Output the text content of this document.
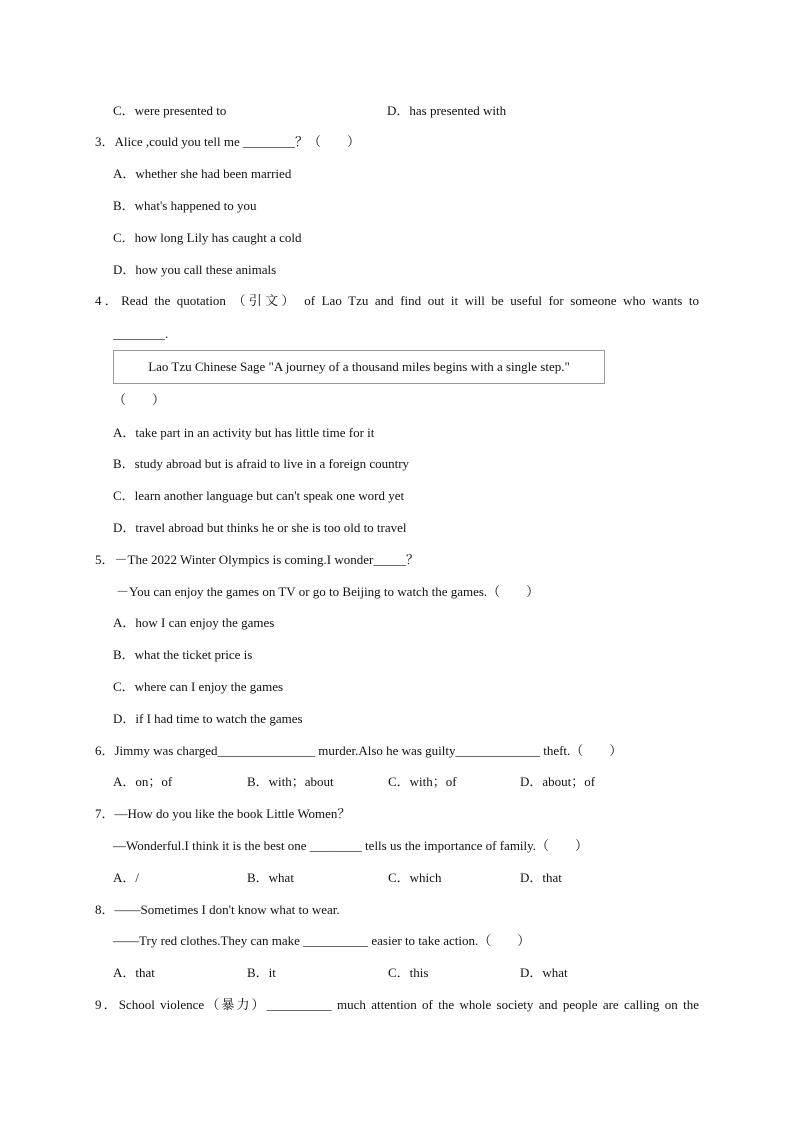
C．were presented to	D．has presented with
3．Alice ,could you tell me ________？（　　）
A．whether she had been married
B．what's happened to you
C．how long Lily has caught a cold
D．how you call these animals
4．Read the quotation （引文） of Lao Tzu and find out it will be useful for someone who wants to
________.
Lao Tzu Chinese Sage "A journey of a thousand miles begins with a single step."
（　　）
A．take part in an activity but has little time for it
B．study abroad but is afraid to live in a foreign country
C．learn another language but can't speak one word yet
D．travel abroad but thinks he or she is too old to travel
5．－The 2022 Winter Olympics is coming.I wonder_____？
－You can enjoy the games on TV or go to Beijing to watch the games.（　　）
A．how I can enjoy the games
B．what the ticket price is
C．where can I enjoy the games
D．if I had time to watch the games
6．Jimmy was charged_______________ murder.Also he was guilty_____________ theft.（　　）
A．on；of	B．with；about	C．with；of	D．about；of
7．—How do you like the book Little Women？
—Wonderful.I think it is the best one ________ tells us the importance of family.（　　）
A．/	B．what	C．which	D．that
8．——Sometimes I don't know what to wear.
——Try red clothes.They can make __________ easier to take action.（　　）
A．that	B．it	C．this	D．what
9．School violence（暴力）__________ much attention of the whole society and people are calling on the
